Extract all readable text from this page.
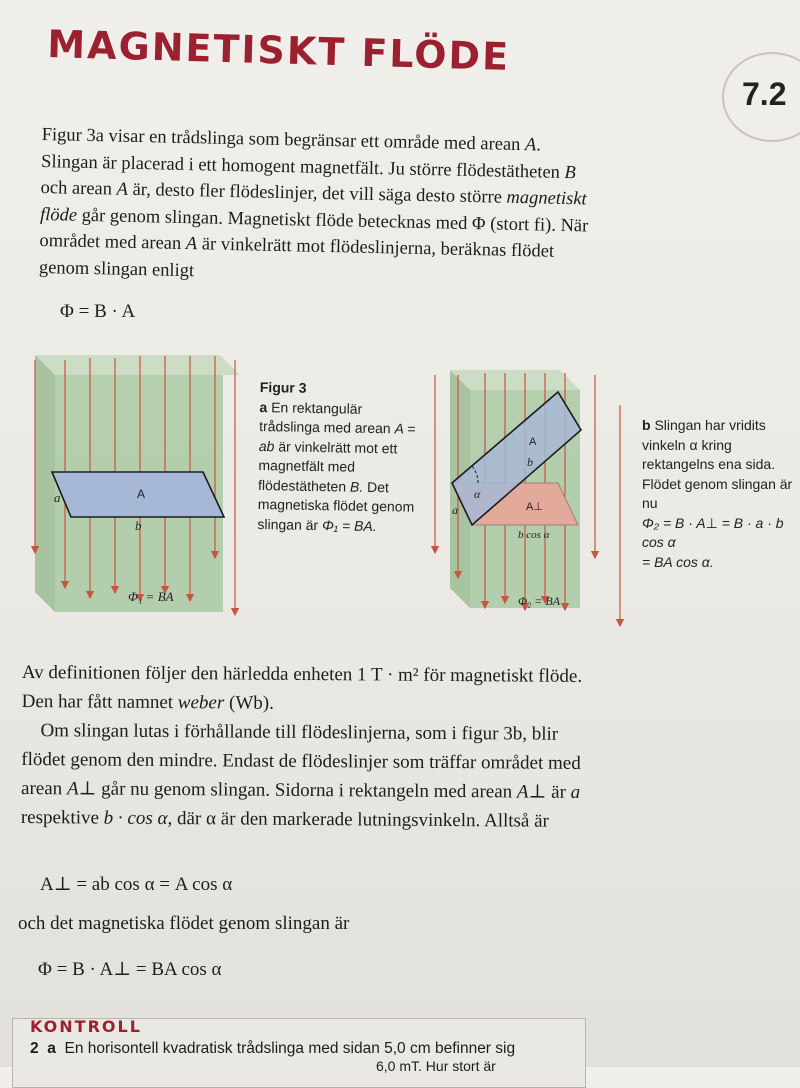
MAGNETISKT FLÖDE
7.2

Figur 3a visar en trådslinga som begränsar ett område med arean A. Slingan är placerad i ett homogent magnetfält. Ju större flödestätheten B och arean A är, desto fler flödeslinjer, det vill säga desto större magnetiskt flöde går genom slingan. Magnetiskt flöde betecknas med Φ (stort fi). När området med arean A är vinkelrätt mot flödeslinjerna, beräknas flödet genom slingan enligt

Φ = B · A

A
a
b
Φ₁ = BA

Figur 3
a En rektangulär trådslinga med arean A = ab är vinkelrätt mot ett magnetfält med flödestätheten B. Det magnetiska flödet genom slingan är Φ₁ = BA.

A
b
α
a	A⊥
b cos α
Φ₂ = BA

b Slingan har vridits vinkeln α kring rektangelns ena sida. Flödet genom slingan är nu
Φ₂ = B · A⊥ = B · a · b cos α
= BA cos α.

Av definitionen följer den härledda enheten 1 T · m² för magnetiskt flöde. Den har fått namnet weber (Wb).
Om slingan lutas i förhållande till flödeslinjerna, som i figur 3b, blir flödet genom den mindre. Endast de flödeslinjer som träffar området med arean A⊥ går nu genom slingan. Sidorna i rektangeln med arean A⊥ är a respektive b · cos α, där α är den markerade lutningsvinkeln. Alltså är

A⊥ = ab cos α = A cos α

och det magnetiska flödet genom slingan är

Φ = B · A⊥ = BA cos α

KONTROLL

2 a En horisontell kvadratisk trådslinga med sidan 5,0 cm befinner sig

6,0 mT. Hur stort är
